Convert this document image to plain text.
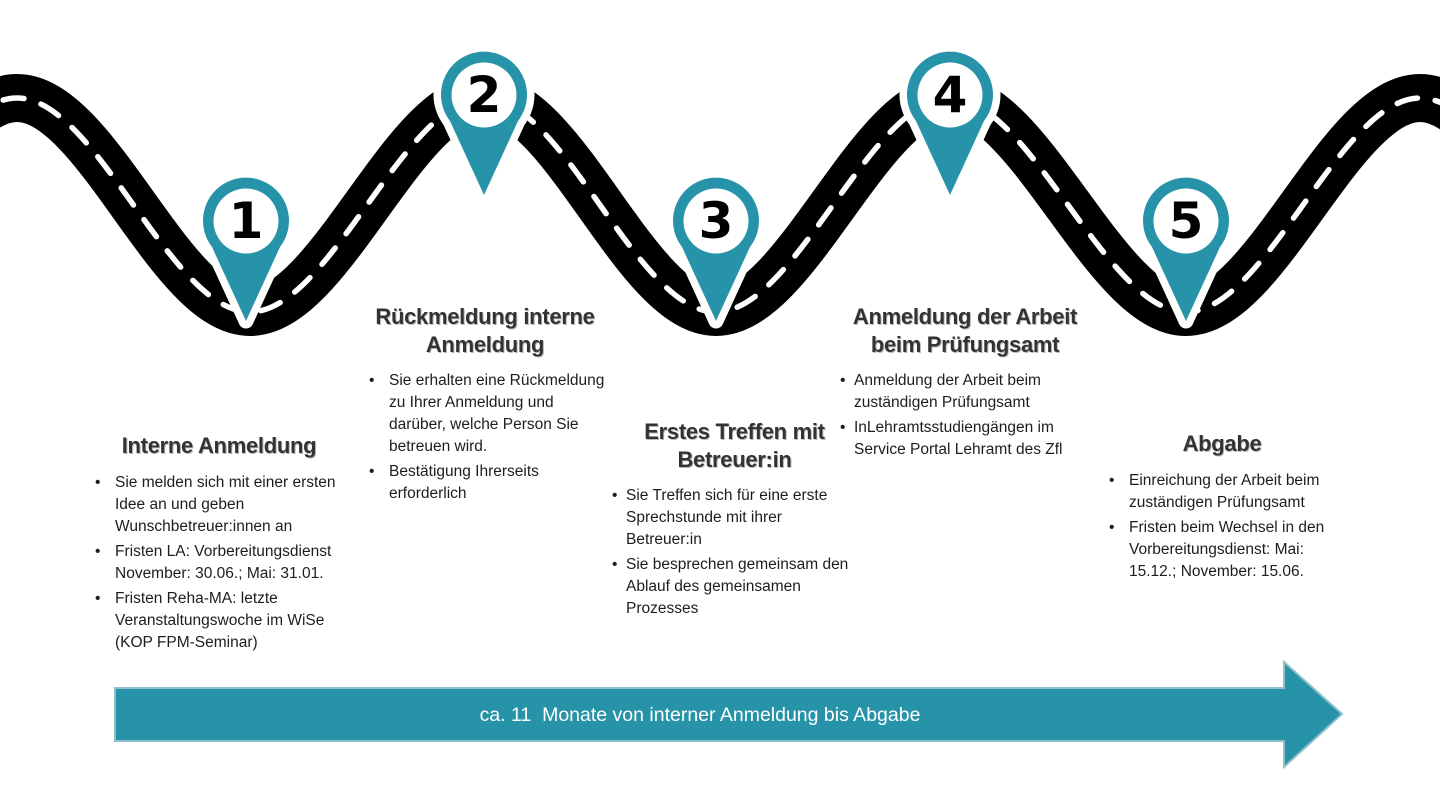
1
2
3
4
5
Interne Anmeldung
• Sie melden sich mit einer ersten Idee an und geben Wunschbetreuer:innen an
• Fristen LA: Vorbereitungsdienst November: 30.06.; Mai: 31.01.
• Fristen Reha-MA: letzte Veranstaltungswoche im WiSe (KOP FPM-Seminar)
Rückmeldung interne Anmeldung
• Sie erhalten eine Rückmeldung zu Ihrer Anmeldung und darüber, welche Person Sie betreuen wird.
• Bestätigung Ihrerseits erforderlich
Erstes Treffen mit Betreuer:in
• Sie Treffen sich für eine erste Sprechstunde mit ihrer Betreuer:in
• Sie besprechen gemeinsam den Ablauf des gemeinsamen Prozesses
Anmeldung der Arbeit beim Prüfungsamt
• Anmeldung der Arbeit beim zuständigen Prüfungsamt
• InLehramtsstudiengängen im Service Portal Lehramt des Zfl	Abgabe
• Einreichung der Arbeit beim zuständigen Prüfungsamt
• Fristen beim Wechsel in den Vorbereitungsdienst: Mai: 15.12.; November: 15.06.
ca. 11  Monate von interner Anmeldung bis Abgabe
